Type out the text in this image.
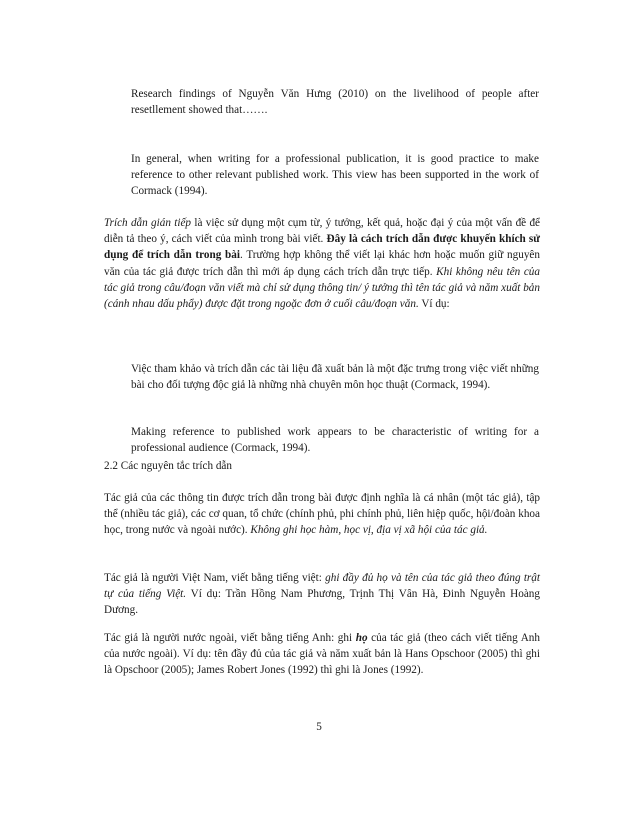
Research findings of Nguyễn Văn Hưng (2010) on the livelihood of people after resetllement showed that…….

In general, when writing for a professional publication, it is good practice to make reference to other relevant published work. This view has been supported in the work of Cormack (1994).

Trích dẫn gián tiếp là việc sử dụng một cụm từ, ý tưởng, kết quả, hoặc đại ý của một vấn đề để diễn tả theo ý, cách viết của mình trong bài viết. Đây là cách trích dẫn được khuyến khích sử dụng để trích dẫn trong bài. Trường hợp không thể viết lại khác hơn hoặc muốn giữ nguyên văn của tác giả được trích dẫn thì mới áp dụng cách trích dẫn trực tiếp. Khi không nêu tên của tác giả trong câu/đoạn văn viết mà chỉ sử dụng thông tin/ ý tưởng thì tên tác giả và năm xuất bản (cánh nhau dấu phẩy) được đặt trong ngoặc đơn ở cuối câu/đoạn văn. Ví dụ:

Việc tham khảo và trích dẫn các tài liệu đã xuất bản là một đặc trưng trong việc viết những bài cho đối tượng độc giả là những nhà chuyên môn học thuật (Cormack, 1994).

Making reference to published work appears to be characteristic of writing for a professional audience (Cormack, 1994).

2.2 Các nguyên tắc trích dẫn

Tác giả của các thông tin được trích dẫn trong bài được định nghĩa là cá nhân (một tác giả), tập thể (nhiều tác giả), các cơ quan, tổ chức (chính phủ, phi chính phủ, liên hiệp quốc, hội/đoàn khoa học, trong nước và ngoài nước). Không ghi học hàm, học vị, địa vị xã hội của tác giả.

Tác giả là người Việt Nam, viết bằng tiếng việt: ghi đầy đủ họ và tên của tác giả theo đúng trật tự của tiếng Việt. Ví dụ: Trần Hồng Nam Phương, Trịnh Thị Vân Hà, Đinh Nguyễn Hoàng Dương.

Tác giả là người nước ngoài, viết bằng tiếng Anh: ghi họ của tác giả (theo cách viết tiếng Anh của nước ngoài). Ví dụ: tên đầy đủ của tác giả và năm xuất bản là Hans Opschoor (2005) thì ghi là Opschoor (2005); James Robert Jones (1992) thì ghi là Jones (1992).

5
